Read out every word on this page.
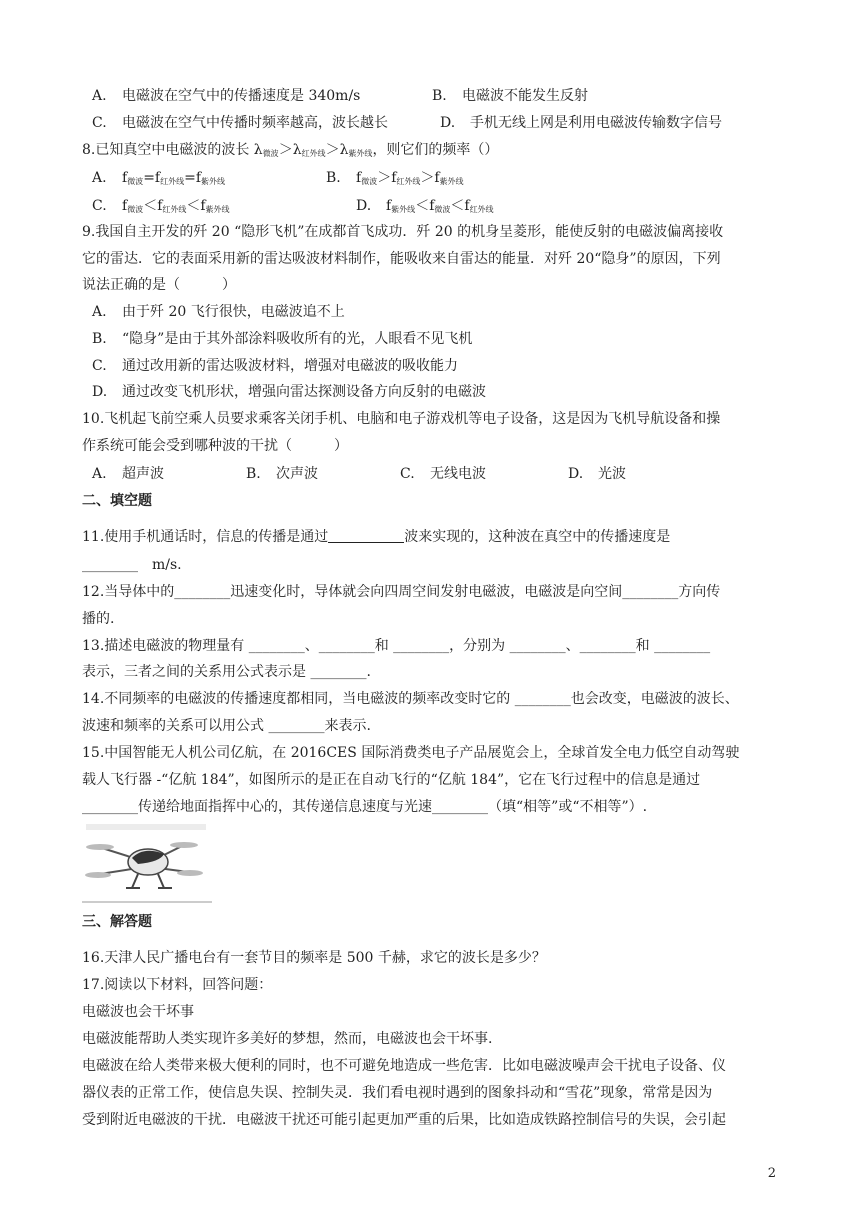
A. 电磁波在空气中的传播速度是 340m/s	B. 电磁波不能发生反射
C. 电磁波在空气中传播时频率越高，波长越长	D. 手机无线上网是利用电磁波传输数字信号
8.已知真空中电磁波的波长 $\lambda_{微波}>\lambda_{红外线}>\lambda_{紫外线}$，则它们的频率（）
A. $f_{微波}=f_{红外线}=f_{紫外线}$	B. $f_{微波}>f_{红外线}>f_{紫外线}$
C. $f_{微波}<f_{红外线}<f_{紫外线}$	D. $f_{紫外线}<f_{微波}<f_{红外线}$
9.我国自主开发的歼 20 “隐形飞机”在成都首飞成功．歼 20 的机身呈菱形，能使反射的电磁波偏离接收
它的雷达．它的表面采用新的雷达吸波材料制作，能吸收来自雷达的能量．对歼 20“隐身”的原因，下列
说法正确的是（　　　）
A. 由于歼 20 飞行很快，电磁波追不上
B. “隐身”是由于其外部涂料吸收所有的光，人眼看不见飞机
C. 通过改用新的雷达吸波材料，增强对电磁波的吸收能力
D. 通过改变飞机形状，增强向雷达探测设备方向反射的电磁波
10.飞机起飞前空乘人员要求乘客关闭手机、电脑和电子游戏机等电子设备，这是因为飞机导航设备和操
作系统可能会受到哪种波的干扰（　　　）
A. 超声波	B. 次声波	C. 无线电波	D. 光波
二、填空题
11.使用手机通话时，信息的传播是通过	波来实现的，这种波在真空中的传播速度是
________　m/s.
12.当导体中的________迅速变化时，导体就会向四周空间发射电磁波，电磁波是向空间________方向传
播的.
13.描述电磁波的物理量有 ________、________和 ________，分别为 ________、________和 ________
表示，三者之间的关系用公式表示是 ________.
14.不同频率的电磁波的传播速度都相同，当电磁波的频率改变时它的 ________也会改变，电磁波的波长、
波速和频率的关系可以用公式 ________来表示.
15.中国智能无人机公司亿航，在 2016CES 国际消费类电子产品展览会上，全球首发全电力低空自动驾驶
载人飞行器 -“亿航 184”，如图所示的是正在自动飞行的“亿航 184”，它在飞行过程中的信息是通过
________传递给地面指挥中心的，其传递信息速度与光速________（填“相等”或“不相等”）.
三、解答题
16.天津人民广播电台有一套节目的频率是 500 千赫，求它的波长是多少？
17.阅读以下材料，回答问题：
电磁波也会干坏事
电磁波能帮助人类实现许多美好的梦想，然而，电磁波也会干坏事.
电磁波在给人类带来极大便利的同时，也不可避免地造成一些危害．比如电磁波噪声会干扰电子设备、仪
器仪表的正常工作，使信息失误、控制失灵．我们看电视时遇到的图象抖动和“雪花”现象，常常是因为
受到附近电磁波的干扰．电磁波干扰还可能引起更加严重的后果，比如造成铁路控制信号的失误，会引起
2
